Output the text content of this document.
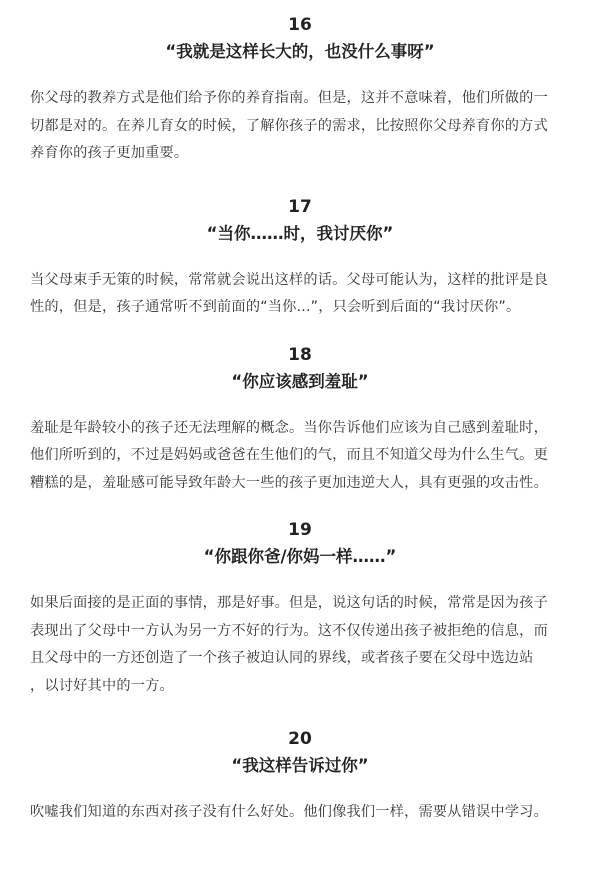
16
“我就是这样长大的，也没什么事呀”
你父母的教养方式是他们给予你的养育指南。但是，这并不意味着，他们所做的一
切都是对的。在养儿育女的时候，了解你孩子的需求，比按照你父母养育你的方式
养育你的孩子更加重要。
17
“当你……时，我讨厌你”
当父母束手无策的时候，常常就会说出这样的话。父母可能认为，这样的批评是良
性的，但是，孩子通常听不到前面的“当你...”，只会听到后面的“我讨厌你”。
18
“你应该感到羞耻”
羞耻是年龄较小的孩子还无法理解的概念。当你告诉他们应该为自己感到羞耻时，
他们所听到的，不过是妈妈或爸爸在生他们的气，而且不知道父母为什么生气。更
糟糕的是，羞耻感可能导致年龄大一些的孩子更加违逆大人，具有更强的攻击性。
19
“你跟你爸/你妈一样……”
如果后面接的是正面的事情，那是好事。但是，说这句话的时候，常常是因为孩子
表现出了父母中一方认为另一方不好的行为。这不仅传递出孩子被拒绝的信息，而
且父母中的一方还创造了一个孩子被迫认同的界线，或者孩子要在父母中选边站
，以讨好其中的一方。
20
“我这样告诉过你”
吹嘘我们知道的东西对孩子没有什么好处。他们像我们一样，需要从错误中学习。
